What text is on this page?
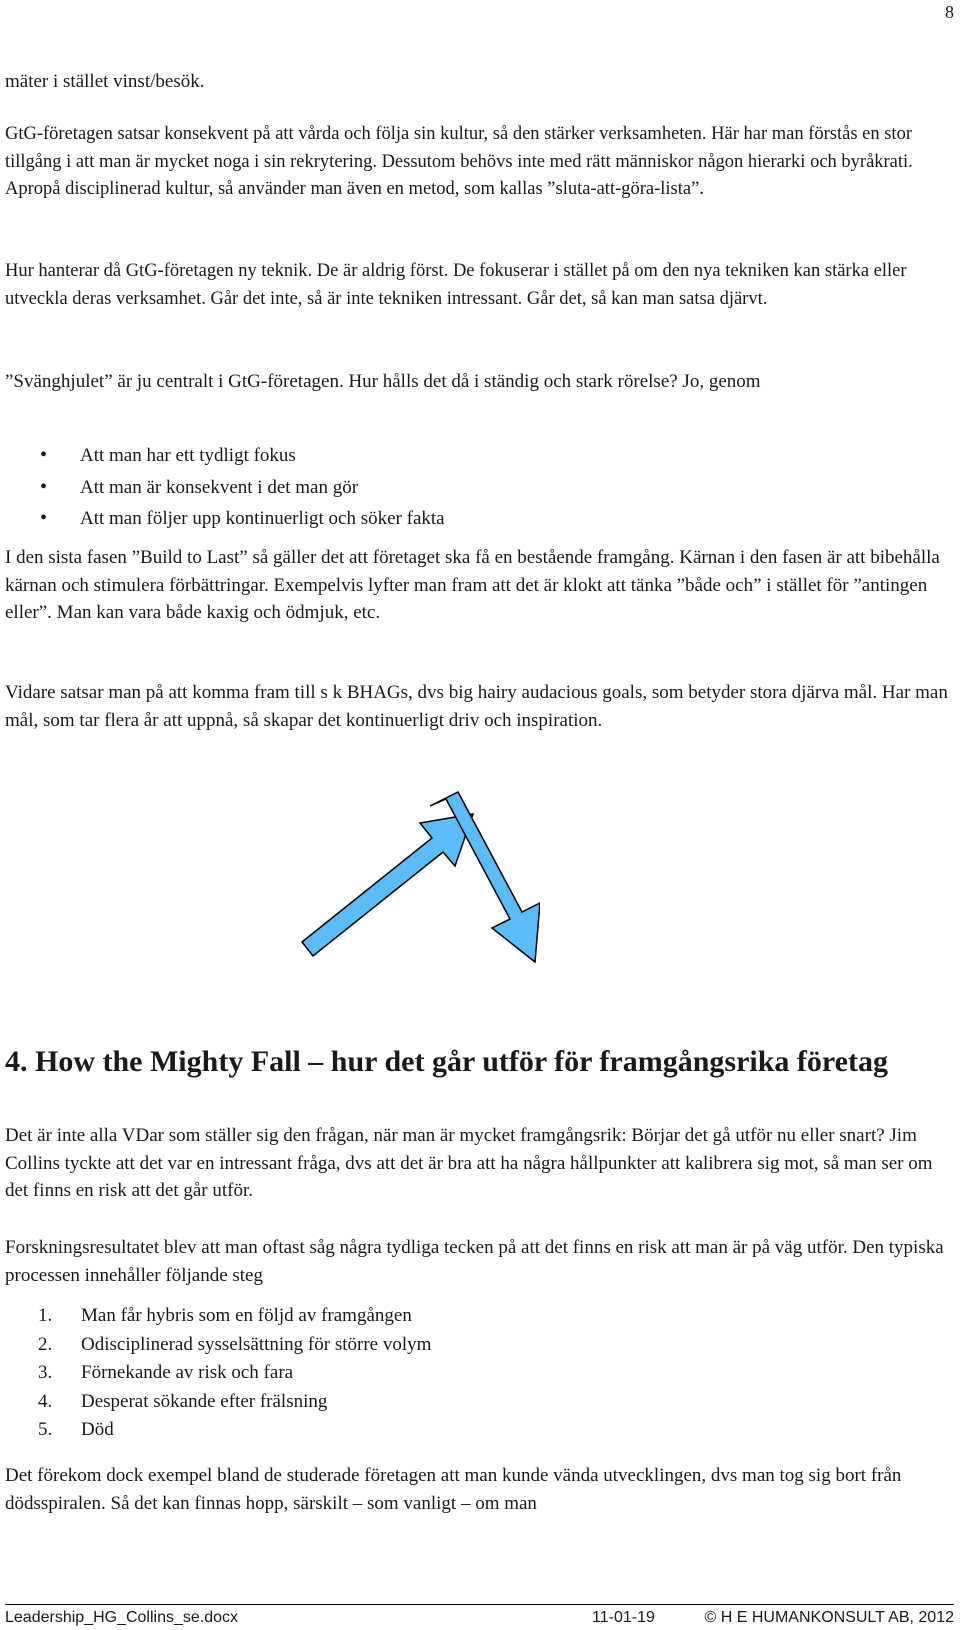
8

mäter i stället vinst/besök.

GtG-företagen satsar konsekvent på att vårda och följa sin kultur, så den stärker verksamheten. Här har man förstås en stor tillgång i att man är mycket noga i sin rekrytering. Dessutom behövs inte med rätt människor någon hierarki och byråkrati. Apropå disciplinerad kultur, så använder man även en metod, som kallas ”sluta-att-göra-lista”.

Hur hanterar då GtG-företagen ny teknik. De är aldrig först. De fokuserar i stället på om den nya tekniken kan stärka eller utveckla deras verksamhet. Går det inte, så är inte tekniken intressant. Går det, så kan man satsa djärvt.

”Svänghjulet” är ju centralt i GtG-företagen. Hur hålls det då i ständig och stark rörelse? Jo, genom

• Att man har ett tydligt fokus
• Att man är konsekvent i det man gör
• Att man följer upp kontinuerligt och söker fakta

I den sista fasen ”Build to Last” så gäller det att företaget ska få en bestående framgång. Kärnan i den fasen är att bibehålla kärnan och stimulera förbättringar. Exempelvis lyfter man fram att det är klokt att tänka ”både och” i stället för ”antingen eller”. Man kan vara både kaxig och ödmjuk, etc.

Vidare satsar man på att komma fram till s k BHAGs, dvs big hairy audacious goals, som betyder stora djärva mål. Har man mål, som tar flera år att uppnå, så skapar det kontinuerligt driv och inspiration.

4. How the Mighty Fall – hur det går utför för framgångsrika företag

Det är inte alla VDar som ställer sig den frågan, när man är mycket framgångsrik: Börjar det gå utför nu eller snart? Jim Collins tyckte att det var en intressant fråga, dvs att det är bra att ha några hållpunkter att kalibrera sig mot, så man ser om det finns en risk att det går utför.

Forskningsresultatet blev att man oftast såg några tydliga tecken på att det finns en risk att man är på väg utför. Den typiska processen innehåller följande steg

1. Man får hybris som en följd av framgången
2. Odisciplinerad sysselsättning för större volym
3. Förnekande av risk och fara
4. Desperat sökande efter frälsning
5. Död

Det förekom dock exempel bland de studerade företagen att man kunde vända utvecklingen, dvs man tog sig bort från dödsspiralen. Så det kan finnas hopp, särskilt – som vanligt – om man

Leadership_HG_Collins_se.docx	11-01-19	© H E HUMANKONSULT AB, 2012
